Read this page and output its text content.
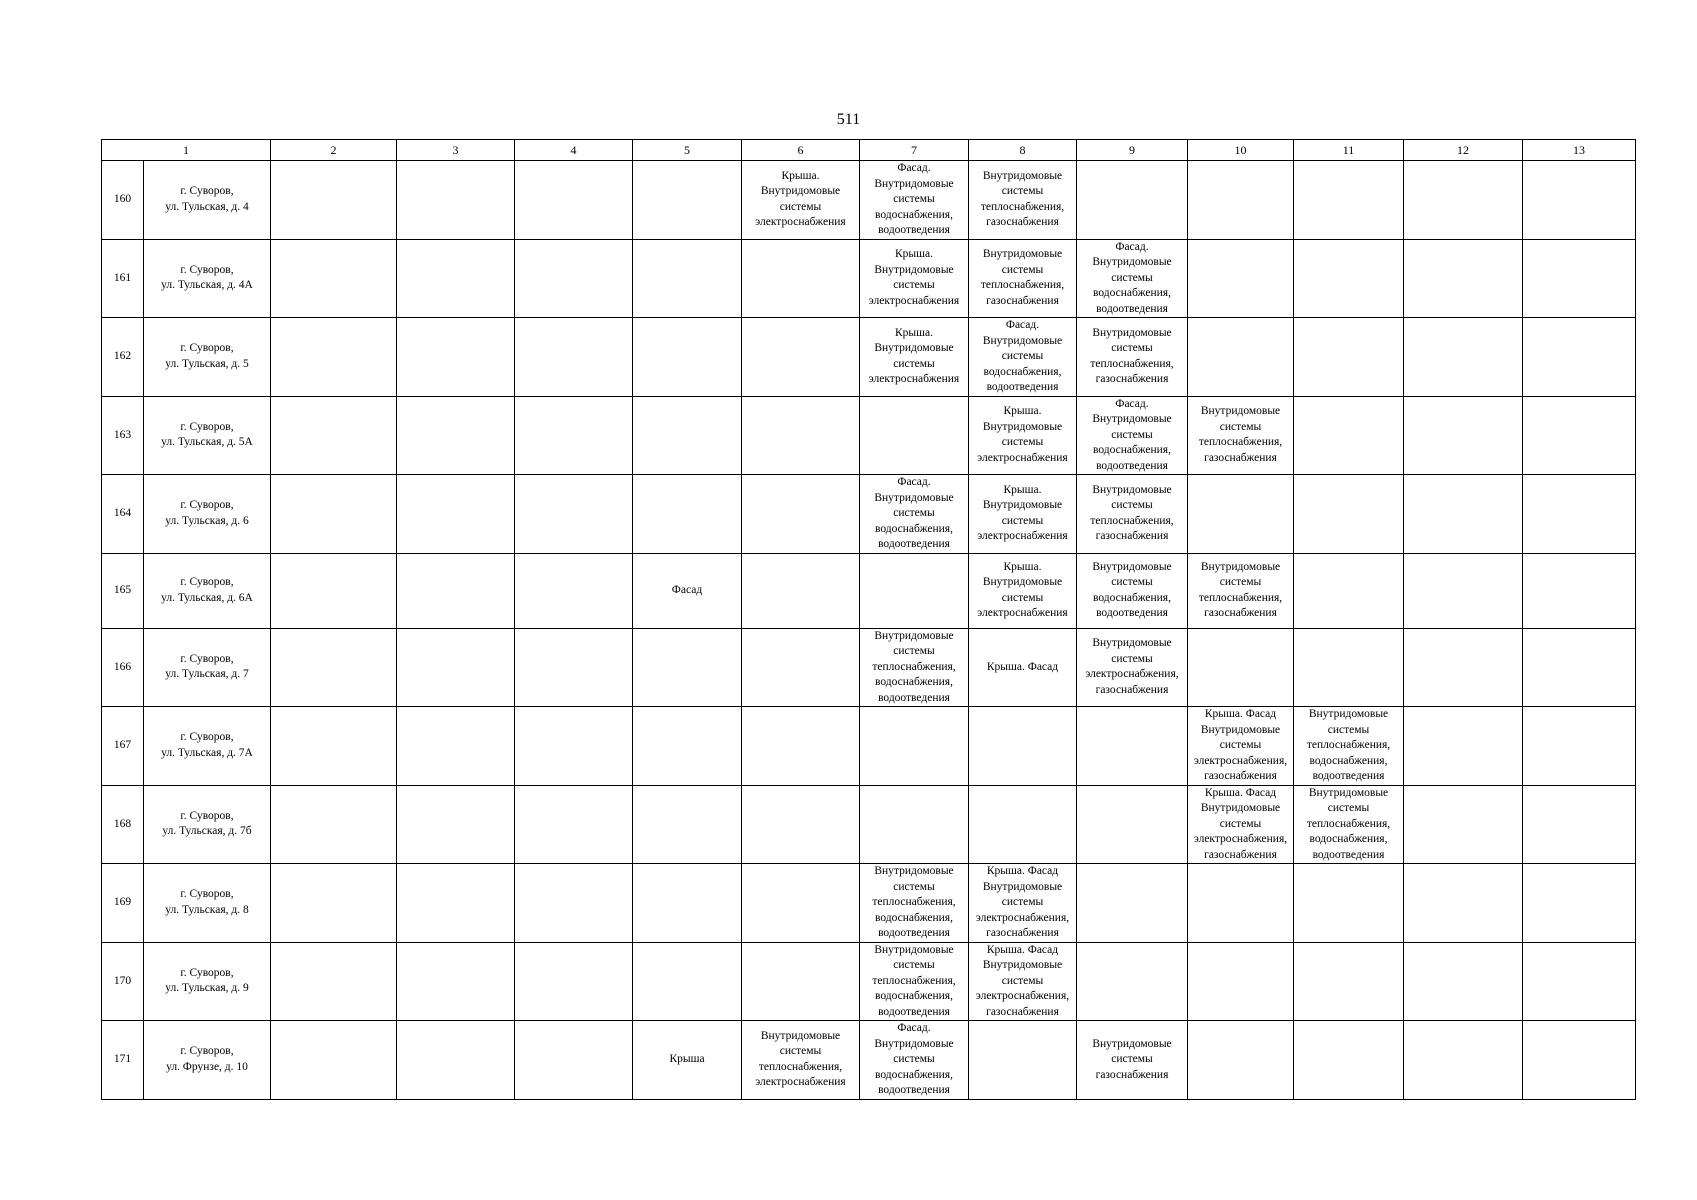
511
1		2	3	4	5	6	7	8	9	10	11	12	13
160	г. Суворов,
ул. Тульская, д. 4					Крыша.
Внутридомовые
системы
электроснабжения	Фасад.
Внутридомовые
системы
водоснабжения,
водоотведения	Внутридомовые
системы
теплоснабжения,
газоснабжения					
161	г. Суворов,
ул. Тульская, д. 4А						Крыша.
Внутридомовые
системы
электроснабжения	Внутридомовые
системы
теплоснабжения,
газоснабжения	Фасад.
Внутридомовые
системы
водоснабжения,
водоотведения				
162	г. Суворов,
ул. Тульская, д. 5						Крыша.
Внутридомовые
системы
электроснабжения	Фасад.
Внутридомовые
системы
водоснабжения,
водоотведения	Внутридомовые
системы
теплоснабжения,
газоснабжения				
163	г. Суворов,
ул. Тульская, д. 5А							Крыша.
Внутридомовые
системы
электроснабжения	Фасад.
Внутридомовые
системы
водоснабжения,
водоотведения	Внутридомовые
системы
теплоснабжения,
газоснабжения			
164	г. Суворов,
ул. Тульская, д. 6						Фасад.
Внутридомовые
системы
водоснабжения,
водоотведения	Крыша.
Внутридомовые
системы
электроснабжения	Внутридомовые
системы
теплоснабжения,
газоснабжения				
165	г. Суворов,
ул. Тульская, д. 6А				Фасад			Крыша.
Внутридомовые
системы
электроснабжения	Внутридомовые
системы
водоснабжения,
водоотведения	Внутридомовые
системы
теплоснабжения,
газоснабжения			
166	г. Суворов,
ул. Тульская, д. 7						Внутридомовые
системы
теплоснабжения,
водоснабжения,
водоотведения	Крыша. Фасад	Внутридомовые
системы
электроснабжения,
газоснабжения				
167	г. Суворов,
ул. Тульская, д. 7А									Крыша. Фасад
Внутридомовые
системы
электроснабжения,
газоснабжения	Внутридомовые
системы
теплоснабжения,
водоснабжения,
водоотведения		
168	г. Суворов,
ул. Тульская, д. 7б									Крыша. Фасад
Внутридомовые
системы
электроснабжения,
газоснабжения	Внутридомовые
системы
теплоснабжения,
водоснабжения,
водоотведения		
169	г. Суворов,
ул. Тульская, д. 8						Внутридомовые
системы
теплоснабжения,
водоснабжения,
водоотведения	Крыша. Фасад
Внутридомовые
системы
электроснабжения,
газоснабжения					
170	г. Суворов,
ул. Тульская, д. 9						Внутридомовые
системы
теплоснабжения,
водоснабжения,
водоотведения	Крыша. Фасад
Внутридомовые
системы
электроснабжения,
газоснабжения					
171	г. Суворов,
ул. Фрунзе, д. 10				Крыша	Внутридомовые
системы
теплоснабжения,
электроснабжения	Фасад.
Внутридомовые
системы
водоснабжения,
водоотведения		Внутридомовые
системы
газоснабжения				
